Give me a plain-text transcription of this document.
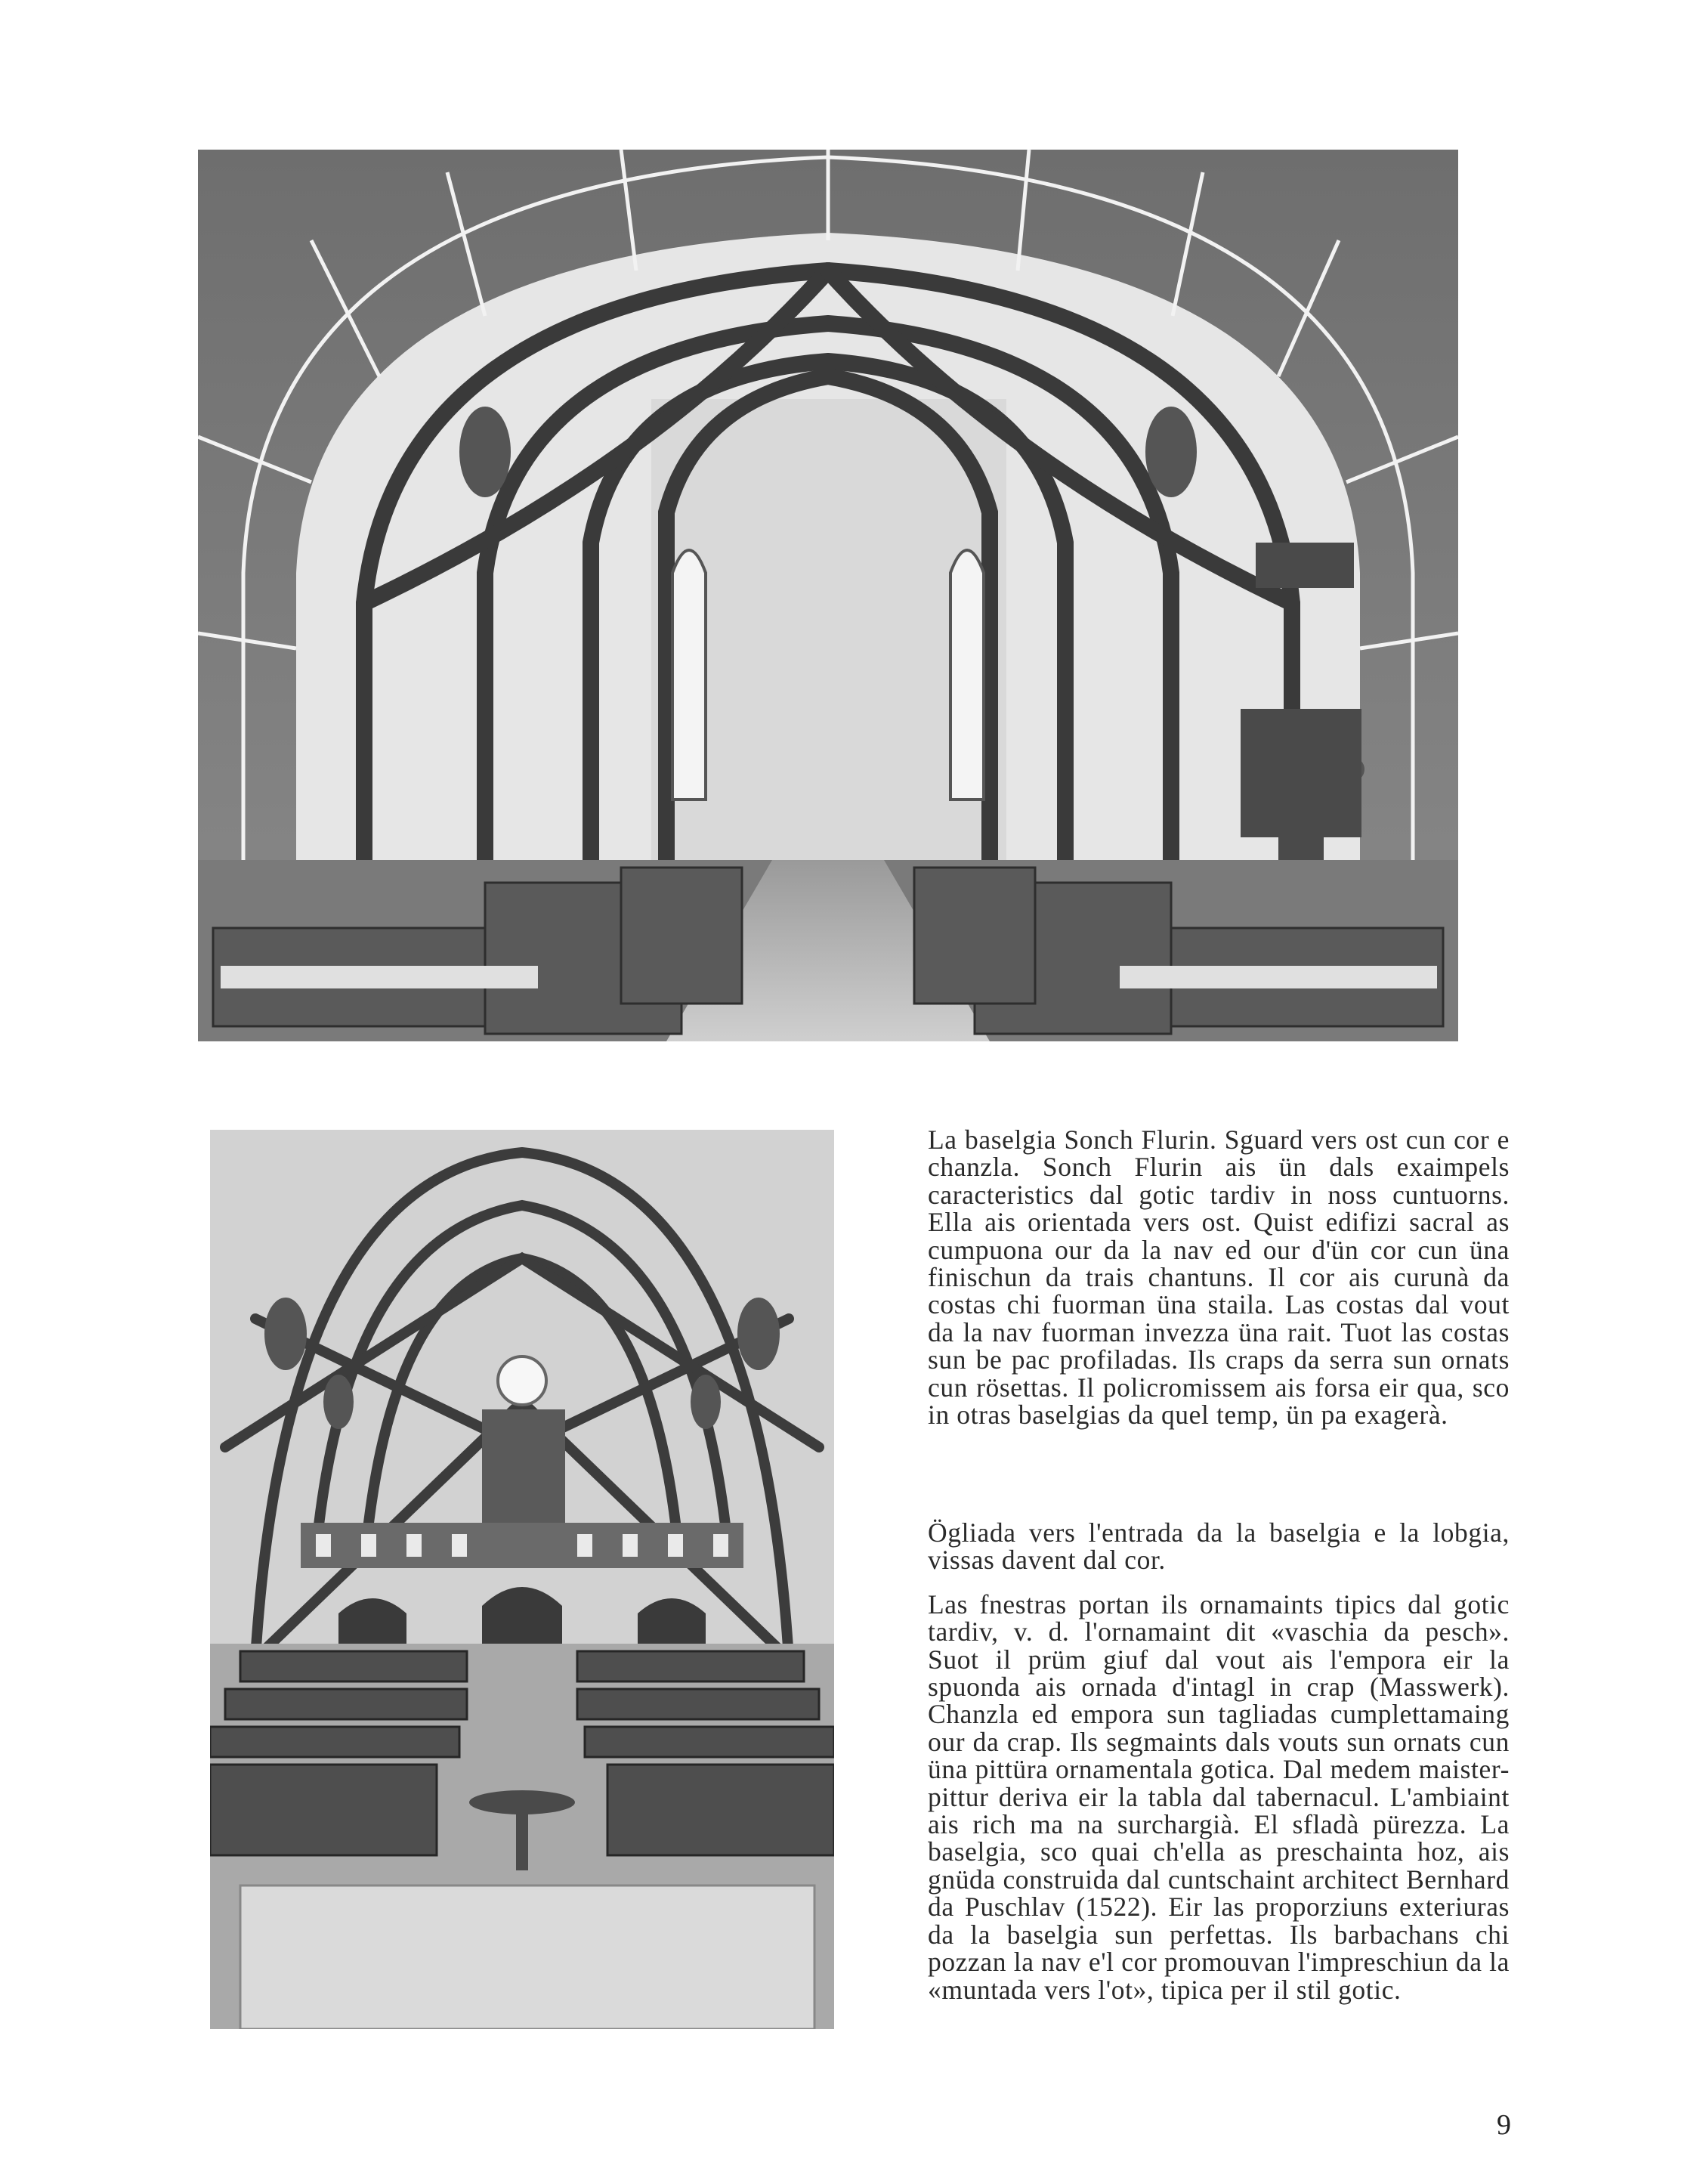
La baselgia Sonch Flurin. Sguard vers ost cun cor e chanzla. Sonch Flurin ais ün dals exaimpels caracteristics dal gotic tardiv in noss cuntuorns. Ella ais orientada vers ost. Quist edifizi sacral as cumpuona our da la nav ed our d'ün cor cun üna finischun da trais chantuns. Il cor ais curunà da costas chi fuorman üna staila. Las costas dal vout da la nav fuorman invezza üna rait. Tuot las costas sun be pac profiladas. Ils craps da serra sun ornats cun rösettas. Il policromissem ais forsa eir qua, sco in otras baselgias da quel temp, ün pa exagerà.

Ögliada vers l'entrada da la baselgia e la lobgia, vissas davent dal cor.

Las fnestras portan ils ornamaints tipics dal gotic tardiv, v. d. l'ornamaint dit «vaschia da pesch». Suot il prüm giuf dal vout ais l'empora eir la spuonda ais ornada d'intagl in crap (Masswerk). Chanzla ed empora sun tagliadas cumplettamaing our da crap. Ils segmaints dals vouts sun ornats cun üna pittüra ornamentala gotica. Dal medem maister-pittur deriva eir la tabla dal tabernacul. L'ambiaint ais rich ma na surchargià. El sfladà pürezza. La baselgia, sco quai ch'ella as preschainta hoz, ais gnüda construida dal cuntschaint architect Bernhard da Puschlav (1522). Eir las proporziuns exteriuras da la baselgia sun perfettas. Ils barbachans chi pozzan la nav e'l cor promouvan l'impreschiun da la «muntada vers l'ot», tipica per il stil gotic.

9
